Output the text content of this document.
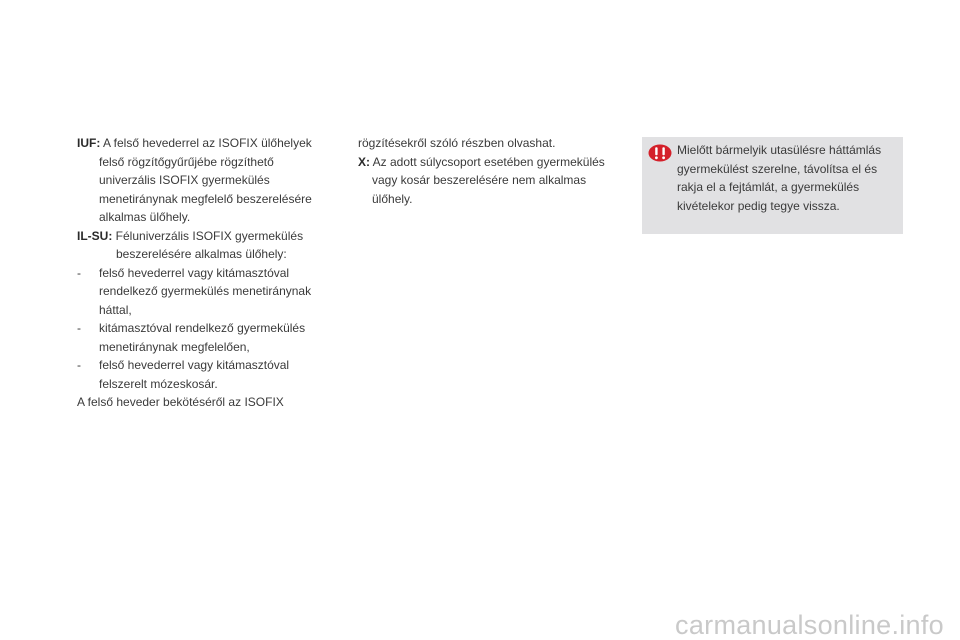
IUF: A felső hevederrel az ISOFIX ülőhelyek felső rögzítőgyűrűjébe rögzíthető univerzális ISOFIX gyermekülés menetiránynak megfelelő beszerelésére alkalmas ülőhely.

IL-SU: Féluniverzális ISOFIX gyermekülés beszerelésére alkalmas ülőhely:

- felső hevederrel vagy kitámasztóval rendelkező gyermekülés menetiránynak háttal,

- kitámasztóval rendelkező gyermekülés menetiránynak megfelelően,

- felső hevederrel vagy kitámasztóval felszerelt mózeskosár.

A felső heveder bekötéséről az ISOFIX

rögzítésekről szóló részben olvashat.

X: Az adott súlycsoport esetében gyermekülés vagy kosár beszerelésére nem alkalmas ülőhely.

Mielőtt bármelyik utasülésre háttámlás gyermekülést szerelne, távolítsa el és rakja el a fejtámlát, a gyermekülés kivételekor pedig tegye vissza.

carmanualsonline.info
